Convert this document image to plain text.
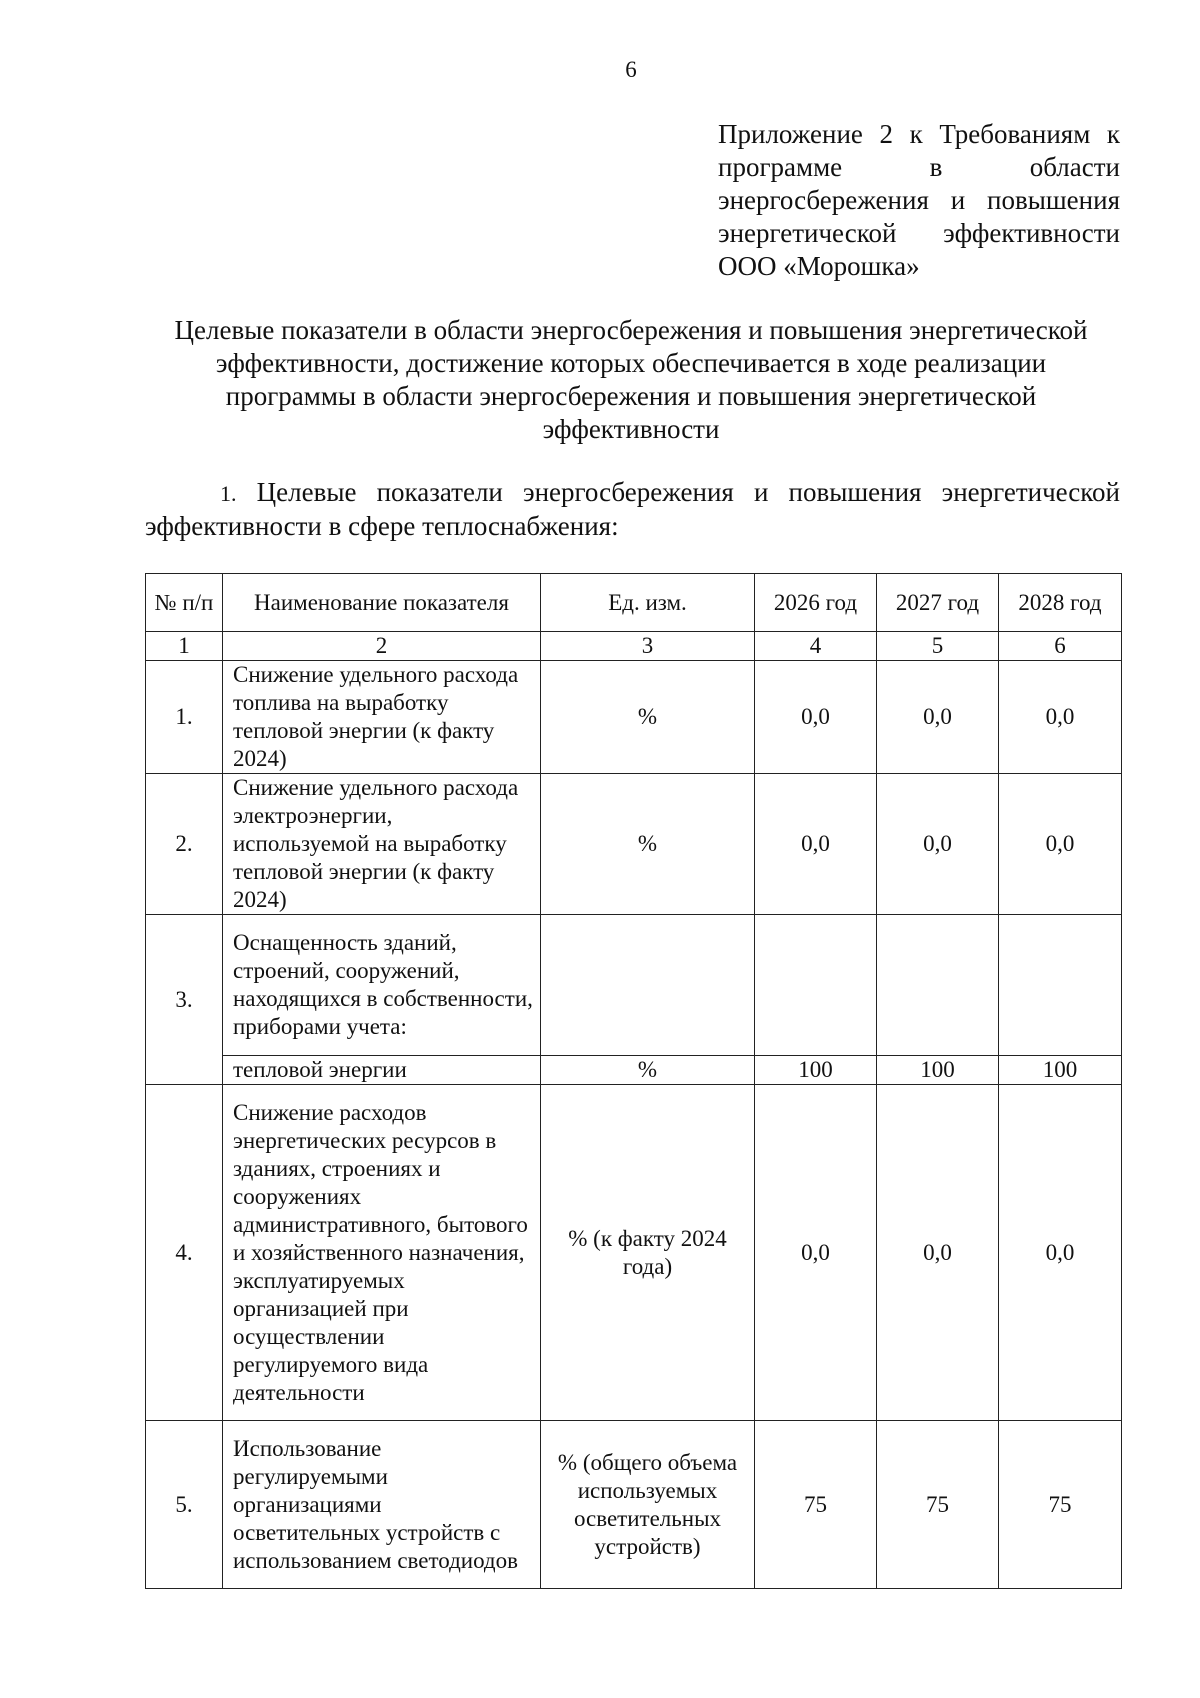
6
Приложение 2 к Требованиям к
программе в области
энергосбережения и повышения
энергетической эффективности
ООО «Морошка»
Целевые показатели в области энергосбережения и повышения энергетической
эффективности, достижение которых обеспечивается в ходе реализации
программы в области энергосбережения и повышения энергетической
эффективности
1. Целевые показатели энергосбережения и повышения энергетической
эффективности в сфере теплоснабжения:
№ п/п	Наименование показателя	Ед. изм.	2026 год	2027 год	2028 год
1	2	3	4	5	6
1.	Снижение удельного расхода топлива на выработку тепловой энергии (к факту 2024)	%	0,0	0,0	0,0
2.	Снижение удельного расхода электроэнергии, используемой на выработку тепловой энергии (к факту 2024)	%	0,0	0,0	0,0
3.	Оснащенность зданий, строений, сооружений, находящихся в собственности, приборами учета:				
	тепловой энергии	%	100	100	100
4.	Снижение расходов энергетических ресурсов в зданиях, строениях и сооружениях административного, бытового и хозяйственного назначения, эксплуатируемых организацией при осуществлении регулируемого вида деятельности	% (к факту 2024 года)	0,0	0,0	0,0
5.	Использование регулируемыми организациями осветительных устройств с использованием светодиодов	% (общего объема используемых осветительных устройств)	75	75	75
